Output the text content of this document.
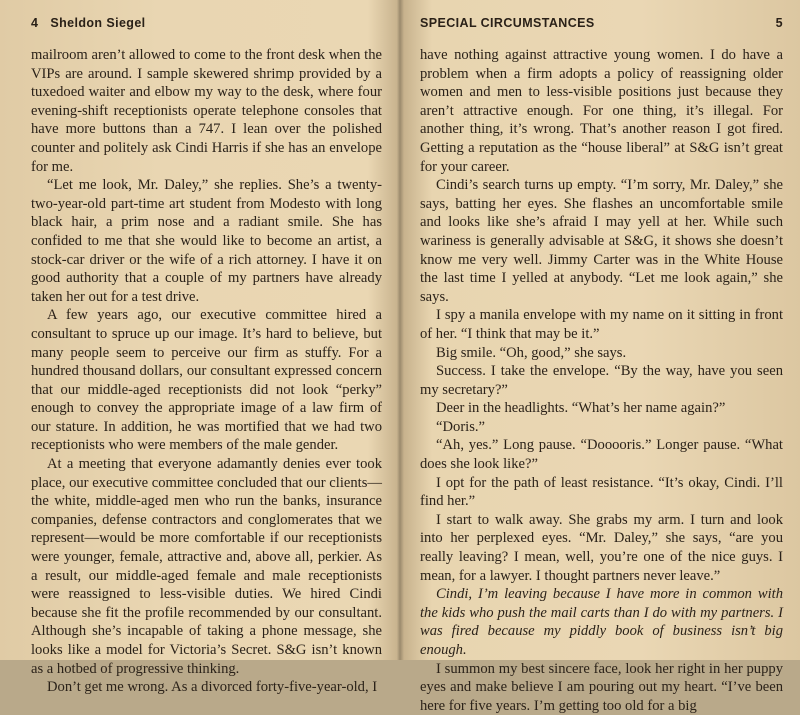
4 Sheldon Siegel

mailroom aren’t allowed to come to the front desk when the VIPs are around. I sample skewered shrimp provided by a tuxedoed waiter and elbow my way to the desk, where four evening-shift receptionists operate telephone consoles that have more buttons than a 747. I lean over the polished counter and politely ask Cindi Harris if she has an envelope for me.

“Let me look, Mr. Daley,” she replies. She’s a twenty-two-year-old part-time art student from Modesto with long black hair, a prim nose and a radiant smile. She has confided to me that she would like to become an artist, a stock-car driver or the wife of a rich attorney. I have it on good authority that a couple of my partners have already taken her out for a test drive.

A few years ago, our executive committee hired a consultant to spruce up our image. It’s hard to believe, but many people seem to perceive our firm as stuffy. For a hundred thousand dollars, our consultant expressed concern that our middle-aged receptionists did not look “perky” enough to convey the appropriate image of a law firm of our stature. In addition, he was mortified that we had two receptionists who were members of the male gender.

At a meeting that everyone adamantly denies ever took place, our executive committee concluded that our clients—the white, middle-aged men who run the banks, insurance companies, defense contractors and conglomerates that we represent—would be more comfortable if our receptionists were younger, female, attractive and, above all, perkier. As a result, our middle-aged female and male receptionists were reassigned to less-visible duties. We hired Cindi because she fit the profile recommended by our consultant. Although she’s incapable of taking a phone message, she looks like a model for Victoria’s Secret. S&G isn’t known as a hotbed of progressive thinking.

Don’t get me wrong. As a divorced forty-five-year-old, I

SPECIAL CIRCUMSTANCES	5

have nothing against attractive young women. I do have a problem when a firm adopts a policy of reassigning older women and men to less-visible positions just because they aren’t attractive enough. For one thing, it’s illegal. For another thing, it’s wrong. That’s another reason I got fired. Getting a reputation as the “house liberal” at S&G isn’t great for your career.

Cindi’s search turns up empty. “I’m sorry, Mr. Daley,” she says, batting her eyes. She flashes an uncomfortable smile and looks like she’s afraid I may yell at her. While such wariness is generally advisable at S&G, it shows she doesn’t know me very well. Jimmy Carter was in the White House the last time I yelled at anybody. “Let me look again,” she says.

I spy a manila envelope with my name on it sitting in front of her. “I think that may be it.”

Big smile. “Oh, good,” she says.

Success. I take the envelope. “By the way, have you seen my secretary?”

Deer in the headlights. “What’s her name again?”

“Doris.”

“Ah, yes.” Long pause. “Dooooris.” Longer pause. “What does she look like?”

I opt for the path of least resistance. “It’s okay, Cindi. I’ll find her.”

I start to walk away. She grabs my arm. I turn and look into her perplexed eyes. “Mr. Daley,” she says, “are you really leaving? I mean, well, you’re one of the nice guys. I mean, for a lawyer. I thought partners never leave.”

Cindi, I’m leaving because I have more in common with the kids who push the mail carts than I do with my partners. I was fired because my piddly book of business isn’t big enough.

I summon my best sincere face, look her right in her puppy eyes and make believe I am pouring out my heart. “I’ve been here for five years. I’m getting too old for a big
